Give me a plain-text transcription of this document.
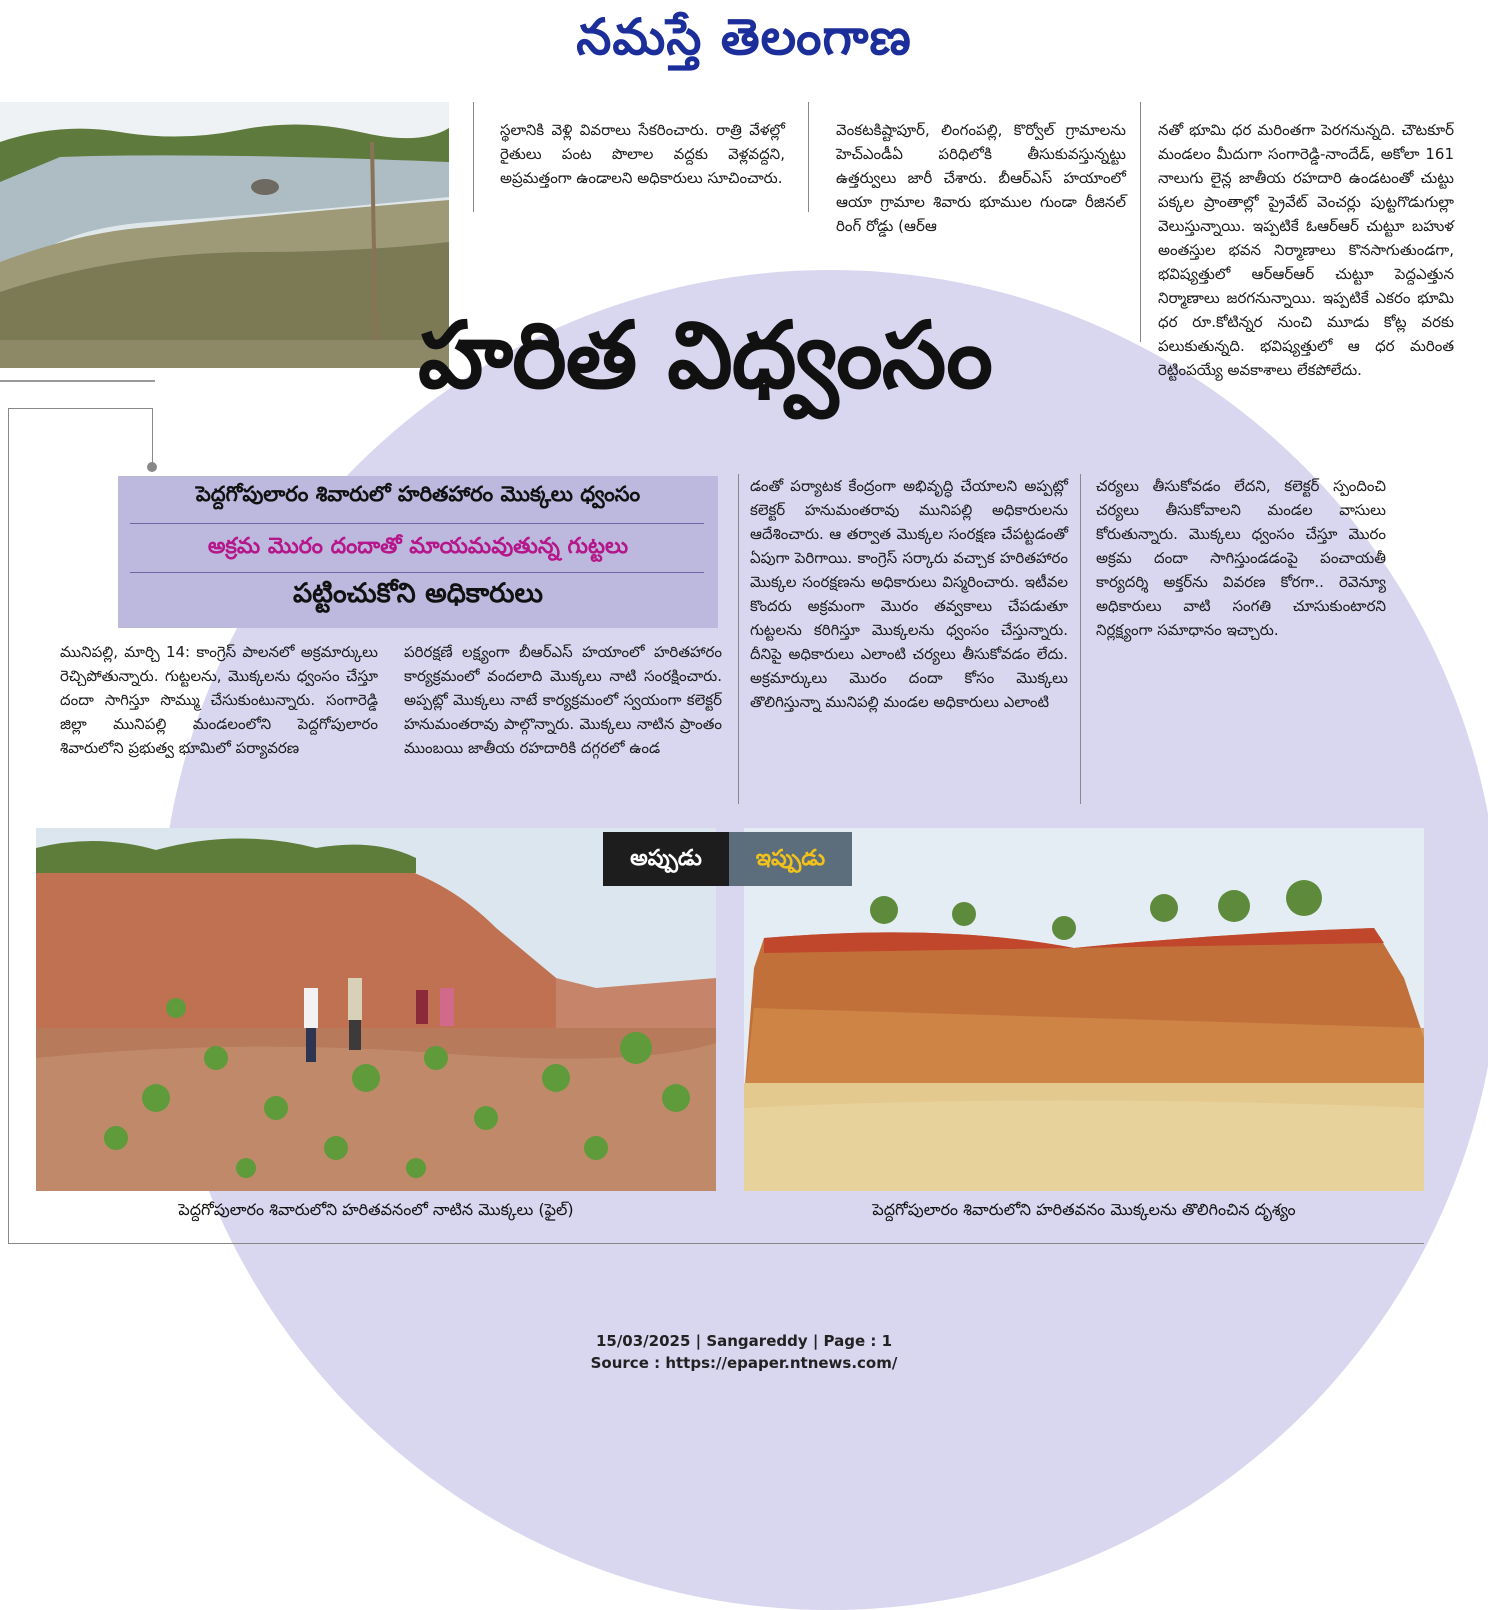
నమస్తే తెలంగాణ
స్థలానికి వెళ్లి వివరాలు సేకరించారు. రాత్రి వేళల్లో రైతులు పంట పొలాల వద్దకు వెళ్లవద్దని, అప్రమత్తంగా ఉండాలని అధికారులు సూచించారు.
వెంకటకిష్టాపూర్, లింగంపల్లి, కొర్వోల్ గ్రామాలను హెచ్ఎండీఏ పరిధిలోకి తీసుకువస్తున్నట్టు ఉత్తర్వులు జారీ చేశారు. బీఆర్ఎస్ హయాంలో ఆయా గ్రామాల శివారు భూముల గుండా రీజినల్ రింగ్ రోడ్డు (ఆర్ఆ
నతో భూమి ధర మరింతగా పెరగనున్నది. చౌటకూర్ మండలం మీదుగా సంగారెడ్డి-నాందేడ్, అకోలా 161 నాలుగు లైన్ల జాతీయ రహదారి ఉండటంతో చుట్టు పక్కల ప్రాంతాల్లో ప్రైవేట్ వెంచర్లు పుట్టగొడుగుల్లా వెలుస్తున్నాయి. ఇప్పటికే ఓఆర్ఆర్ చుట్టూ బహుళ అంతస్తుల భవన నిర్మాణాలు కొనసాగుతుండగా, భవిష్యత్తులో ఆర్ఆర్ఆర్ చుట్టూ పెద్దఎత్తున నిర్మాణాలు జరగనున్నాయి. ఇప్పటికే ఎకరం భూమి ధర రూ.కోటిన్నర నుంచి మూడు కోట్ల వరకు పలుకుతున్నది. భవిష్యత్తులో ఆ ధర మరింత రెట్టింపయ్యే అవకాశాలు లేకపోలేదు.
హరిత విధ్వంసం
పెద్దగోపులారం శివారులో హరితహారం మొక్కలు ధ్వంసం
అక్రమ మొరం దందాతో మాయమవుతున్న గుట్టలు
పట్టించుకోని అధికారులు
మునిపల్లి, మార్చి 14: కాంగ్రెస్ పాలనలో అక్రమార్కులు రెచ్చిపోతున్నారు. గుట్టలను, మొక్కలను ధ్వంసం చేస్తూ దందా సాగిస్తూ సొమ్ము చేసుకుంటున్నారు. సంగారెడ్డి జిల్లా మునిపల్లి మండలంలోని పెద్దగోపులారం శివారులోని ప్రభుత్వ భూమిలో పర్యావరణ
పరిరక్షణే లక్ష్యంగా బీఆర్ఎస్ హయాంలో హరితహారం కార్యక్రమంలో వందలాది మొక్కలు నాటి సంరక్షించారు. అప్పట్లో మొక్కలు నాటే కార్యక్రమంలో స్వయంగా కలెక్టర్ హనుమంతరావు పాల్గొన్నారు. మొక్కలు నాటిన ప్రాంతం ముంబయి జాతీయ రహదారికి దగ్గరలో ఉండ
డంతో పర్యాటక కేంద్రంగా అభివృద్ధి చేయాలని అప్పట్లో కలెక్టర్ హనుమంతరావు మునిపల్లి అధికారులను ఆదేశించారు. ఆ తర్వాత మొక్కల సంరక్షణ చేపట్టడంతో ఏపుగా పెరిగాయి. కాంగ్రెస్ సర్కారు వచ్చాక హరితహారం మొక్కల సంరక్షణను అధికారులు విస్మరించారు. ఇటీవల కొందరు అక్రమంగా మొరం తవ్వకాలు చేపడుతూ గుట్టలను కరిగిస్తూ మొక్కలను ధ్వంసం చేస్తున్నారు. దీనిపై అధికారులు ఎలాంటి చర్యలు తీసుకోవడం లేదు. అక్రమార్కులు మొరం దందా కోసం మొక్కలు తొలిగిస్తున్నా మునిపల్లి మండల అధికారులు ఎలాంటి
చర్యలు తీసుకోవడం లేదని, కలెక్టర్ స్పందించి చర్యలు తీసుకోవాలని మండల వాసులు కోరుతున్నారు. మొక్కలు ధ్వంసం చేస్తూ మొరం అక్రమ దందా సాగిస్తుండడంపై పంచాయతీ కార్యదర్శి అక్తర్‌ను వివరణ కోరగా.. రెవెన్యూ అధికారులు వాటి సంగతి చూసుకుంటారని నిర్లక్ష్యంగా సమాధానం ఇచ్చారు.
అప్పుడు	ఇప్పుడు
పెద్దగోపులారం శివారులోని హరితవనంలో నాటిన మొక్కలు (ఫైల్)	పెద్దగోపులారం శివారులోని హరితవనం మొక్కలను తొలిగించిన దృశ్యం
15/03/2025 | Sangareddy | Page : 1
Source : https://epaper.ntnews.com/
